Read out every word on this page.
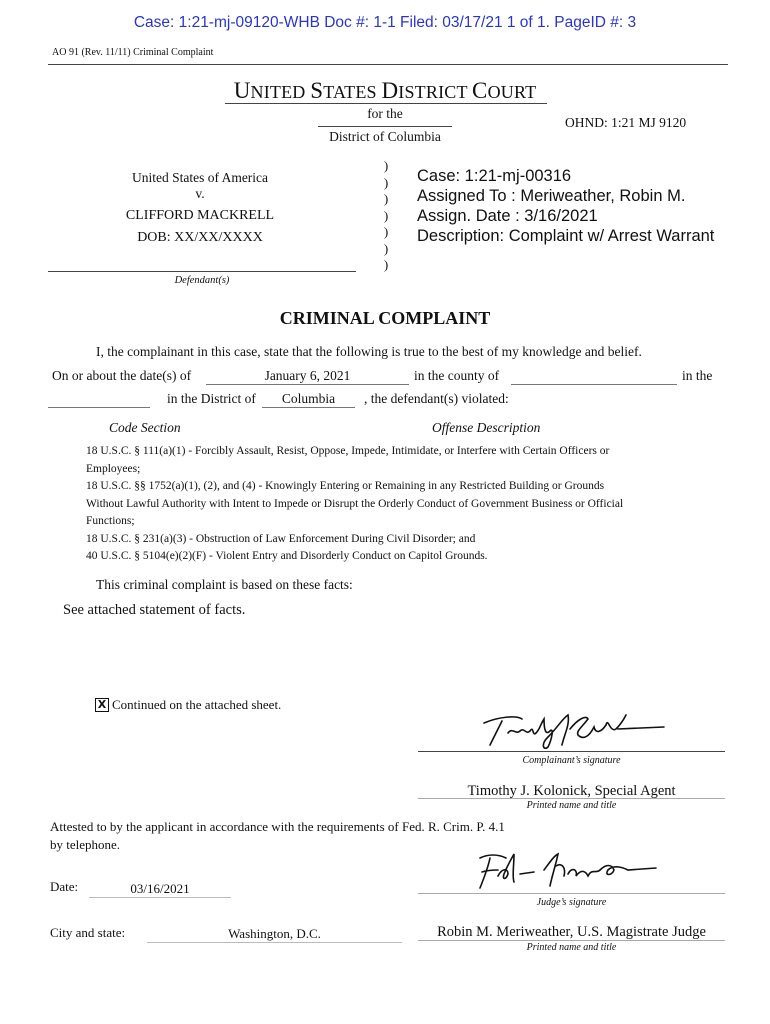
Case: 1:21-mj-09120-WHB Doc #: 1-1 Filed: 03/17/21 1 of 1. PageID #: 3
AO 91 (Rev. 11/11) Criminal Complaint
UNITED STATES DISTRICT COURT
for the
OHND: 1:21 MJ 9120
District of Columbia
United States of America
v.
CLIFFORD MACKRELL
DOB: XX/XX/XXXX
Defendant(s)
)
)
)
)
)
)
)
Case: 1:21-mj-00316
Assigned To : Meriweather, Robin M.
Assign. Date : 3/16/2021
Description: Complaint w/ Arrest Warrant
CRIMINAL COMPLAINT
I, the complainant in this case, state that the following is true to the best of my knowledge and belief.
On or about the date(s) of	January 6, 2021	in the county of	in the
in the District of	Columbia	, the defendant(s) violated:
Code Section	Offense Description
18 U.S.C. § 111(a)(1) - Forcibly Assault, Resist, Oppose, Impede, Intimidate, or Interfere with Certain Officers or
Employees;
18 U.S.C. §§ 1752(a)(1), (2), and (4) - Knowingly Entering or Remaining in any Restricted Building or Grounds
Without Lawful Authority with Intent to Impede or Disrupt the Orderly Conduct of Government Business or Official
Functions;
18 U.S.C. § 231(a)(3) - Obstruction of Law Enforcement During Civil Disorder; and
40 U.S.C. § 5104(e)(2)(F) - Violent Entry and Disorderly Conduct on Capitol Grounds.
This criminal complaint is based on these facts:
See attached statement of facts.
X Continued on the attached sheet.
Complainant’s signature
Timothy J. Kolonick, Special Agent
Printed name and title
Attested to by the applicant in accordance with the requirements of Fed. R. Crim. P. 4.1
by telephone.
Date:	03/16/2021
Judge’s signature
City and state:	Washington, D.C.	Robin M. Meriweather, U.S. Magistrate Judge
Printed name and title
